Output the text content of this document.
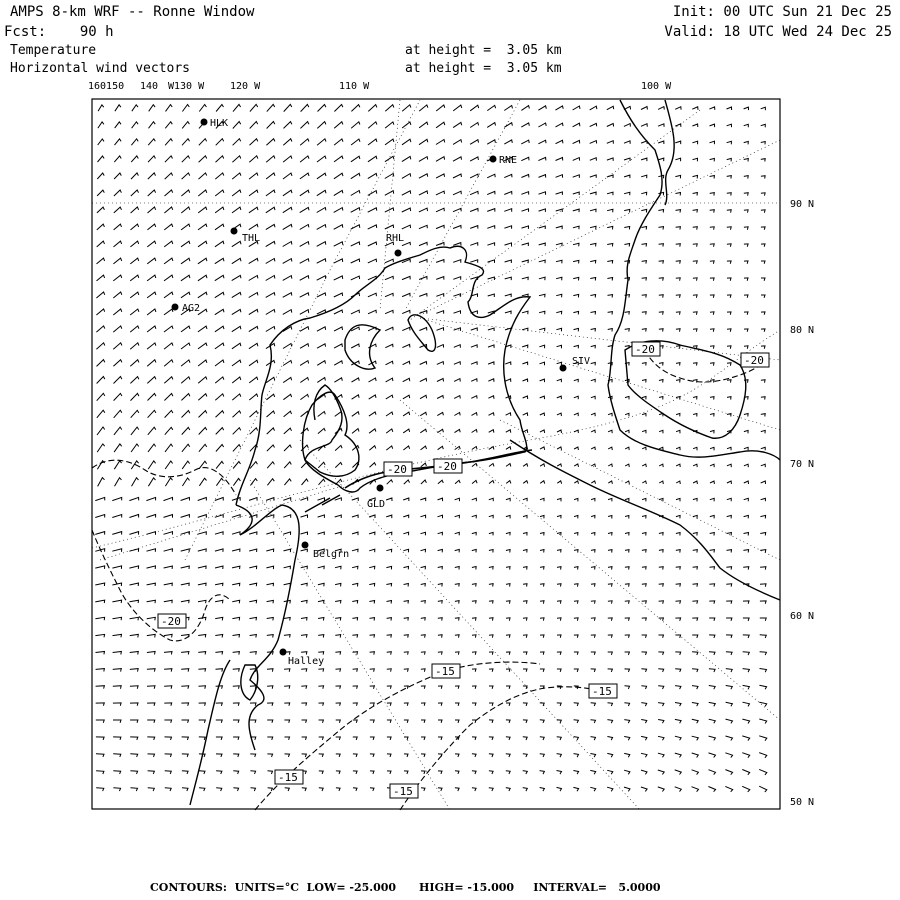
AMPS 8-km WRF -- Ronne Window
Fcst:    90 h
Temperature
Horizontal wind vectors
at height =  3.05 km
at height =  3.05 km
Init: 00 UTC Sun 21 Dec 25
Valid: 18 UTC Wed 24 Dec 25
-20	-20
-20
-20
-20
-15
-15
-15
-15
HLK
RNE
THL	RHL
AG2
SIV
GLD
Belgrn
Halley
160150 140 W130 W	120 W	110 W	100 W
90 N
80 N
70 N
60 N
50 N
CONTOURS: UNITS=°C LOW= -25.000 HIGH= -15.000 INTERVAL=   5.0000
